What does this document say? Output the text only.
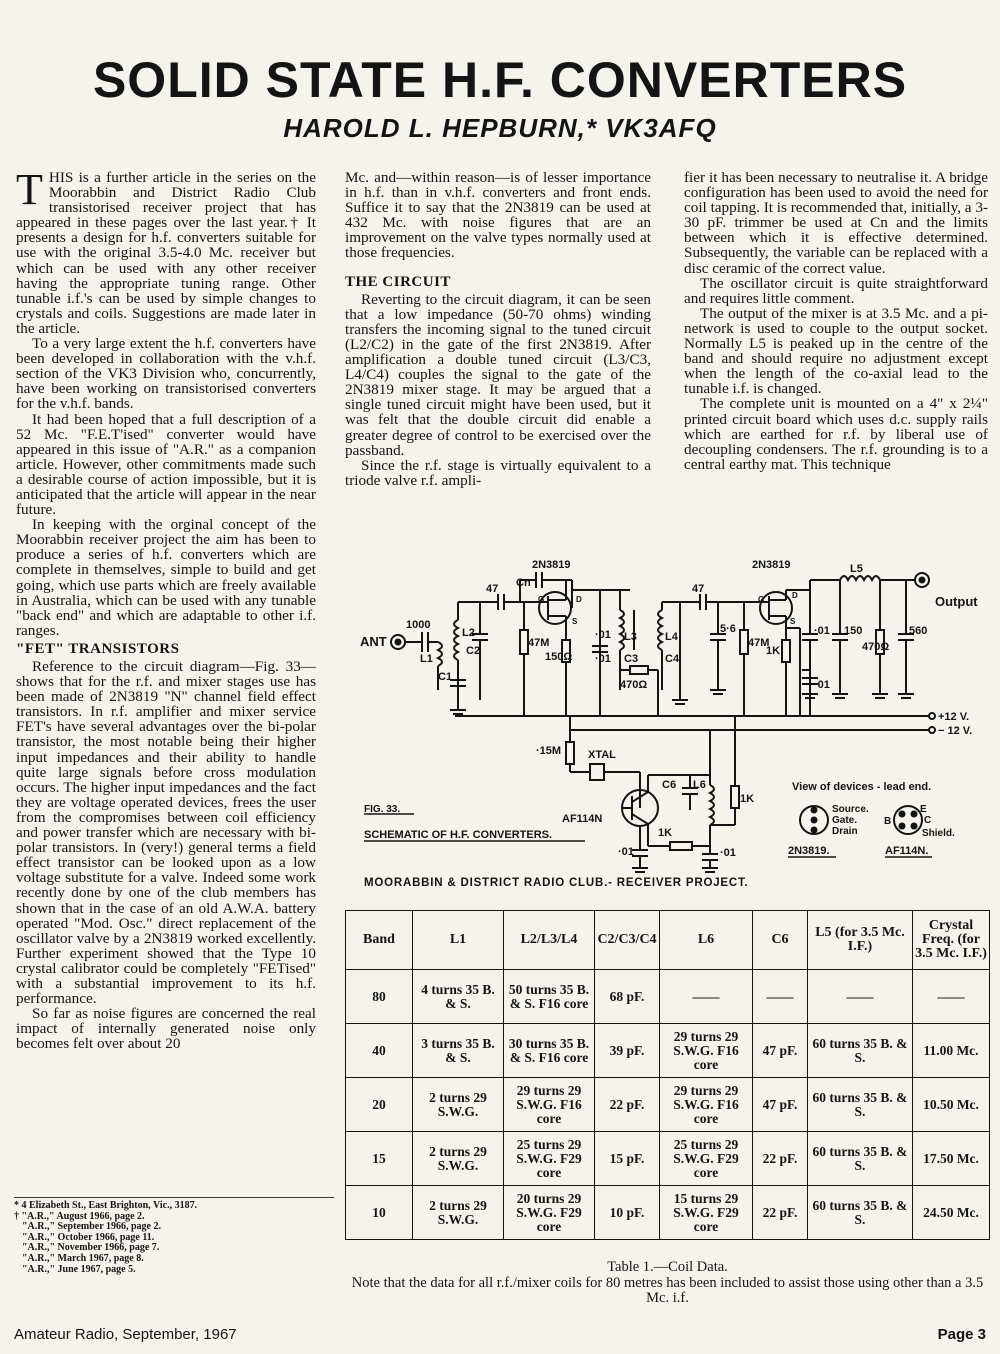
SOLID STATE H.F. CONVERTERS
HAROLD L. HEPBURN,* VK3AFQ

THIS is a further article in the series on the Moorabbin and District Radio Club transistorised receiver project that has appeared in these pages over the last year.† It presents a design for h.f. converters suitable for use with the original 3.5-4.0 Mc. receiver but which can be used with any other receiver having the appropriate tuning range. Other tunable i.f.'s can be used by simple changes to crystals and coils. Suggestions are made later in the article.

To a very large extent the h.f. converters have been developed in collaboration with the v.h.f. section of the VK3 Division who, concurrently, have been working on transistorised converters for the v.h.f. bands.

It had been hoped that a full description of a 52 Mc. "F.E.T'ised" converter would have appeared in this issue of "A.R." as a companion article. However, other commitments made such a desirable course of action impossible, but it is anticipated that the article will appear in the near future.

In keeping with the orginal concept of the Moorabbin receiver project the aim has been to produce a series of h.f. converters which are complete in themselves, simple to build and get going, which use parts which are freely available in Australia, which can be used with any tunable "back end" and which are adaptable to other i.f. ranges.

"FET" TRANSISTORS

Reference to the circuit diagram—Fig. 33—shows that for the r.f. and mixer stages use has been made of 2N3819 "N" channel field effect transistors. In r.f. amplifier and mixer service FET's have several advantages over the bi-polar transistor, the most notable being their higher input impedances and their ability to handle quite large signals before cross modulation occurs. The higher input impedances and the fact they are voltage operated devices, frees the user from the compromises between coil efficiency and power transfer which are necessary with bi-polar transistors. In (very!) general terms a field effect transistor can be looked upon as a low voltage substitute for a valve. Indeed some work recently done by one of the club members has shown that in the case of an old A.W.A. battery operated "Mod. Osc." direct replacement of the oscillator valve by a 2N3819 worked excellently. Further experiment showed that the Type 10 crystal calibrator could be completely "FETised" with a substantial improvement to its h.f. performance.

So far as noise figures are concerned the real impact of internally generated noise only becomes felt over about 20

Mc. and—within reason—is of lesser importance in h.f. than in v.h.f. converters and front ends. Suffice it to say that the 2N3819 can be used at 432 Mc. with noise figures that are an improvement on the valve types normally used at those frequencies.

THE CIRCUIT

Reverting to the circuit diagram, it can be seen that a low impedance (50-70 ohms) winding transfers the incoming signal to the tuned circuit (L2/C2) in the gate of the first 2N3819. After amplification a double tuned circuit (L3/C3, L4/C4) couples the signal to the gate of the 2N3819 mixer stage. It may be argued that a single tuned circuit might have been used, but it was felt that the double circuit did enable a greater degree of control to be exercised over the passband.

Since the r.f. stage is virtually equivalent to a triode valve r.f. ampli-

fier it has been necessary to neutralise it. A bridge configuration has been used to avoid the need for coil tapping. It is recommended that, initially, a 3-30 pF. trimmer be used at Cn and the limits between which it is effective determined. Subsequently, the variable can be replaced with a disc ceramic of the correct value.

The oscillator circuit is quite straightforward and requires little comment.

The output of the mixer is at 3.5 Mc. and a pi-network is used to couple to the output socket. Normally L5 is peaked up in the centre of the band and should require no adjustment except when the length of the co-axial lead to the tunable i.f. is changed.

The complete unit is mounted on a 4" x 2¼" printed circuit board which uses d.c. supply rails which are earthed for r.f. by liberal use of decoupling condensers. The r.f. grounding is to a central earthy mat. This technique

* 4 Elizabeth St., East Brighton, Vic., 3187.
† "A.R.," August 1966, page 2.
"A.R.," September 1966, page 2.
"A.R.," October 1966, page 11.
"A.R.," November 1966, page 7.
"A.R.," March 1967, page 8.
"A.R.," June 1967, page 5.
2N3819	2N3819
Output
ANT
1000
L1
L2
C2
C1
47 Cn
G	D
S
47M
150Ω
·01
·01
L3
C3
L4
C4
470Ω
47
5·6
G	D
S
47M
1K
·01
·01
L5
150
470Ω
560
+12 V.
− 12 V.
·15M XTAL
C6 L6
1K
1K
·01	·01
AF114N
View of devices - lead end.
Source.
Gate.
Drain
B
E
C
Shield.
2N3819.	AF114N.
FIG. 33.
SCHEMATIC OF H.F. CONVERTERS.
MOORABBIN & DISTRICT RADIO CLUB.- RECEIVER PROJECT.
Band	L1	L2/L3/L4	C2/C3/C4	L6	C6	L5 (for 3.5 Mc. I.F.)	Crystal Freq. (for 3.5 Mc. I.F.)
80	4 turns 35 B. & S.	50 turns 35 B. & S. F16 core	68 pF.	——	——	——	——
40	3 turns 35 B. & S.	30 turns 35 B. & S. F16 core	39 pF.	29 turns 29 S.W.G. F16 core	47 pF.	60 turns 35 B. & S.	11.00 Mc.
20	2 turns 29 S.W.G.	29 turns 29 S.W.G. F16 core	22 pF.	29 turns 29 S.W.G. F16 core	47 pF.	60 turns 35 B. & S.	10.50 Mc.
15	2 turns 29 S.W.G.	25 turns 29 S.W.G. F29 core	15 pF.	25 turns 29 S.W.G. F29 core	22 pF.	60 turns 35 B. & S.	17.50 Mc.
10	2 turns 29 S.W.G.	20 turns 29 S.W.G. F29 core	10 pF.	15 turns 29 S.W.G. F29 core	22 pF.	60 turns 35 B. & S.	24.50 Mc.
Table 1.—Coil Data.
Note that the data for all r.f./mixer coils for 80 metres has been included to assist those using other than a 3.5 Mc. i.f.
Amateur Radio, September, 1967	Page 3
